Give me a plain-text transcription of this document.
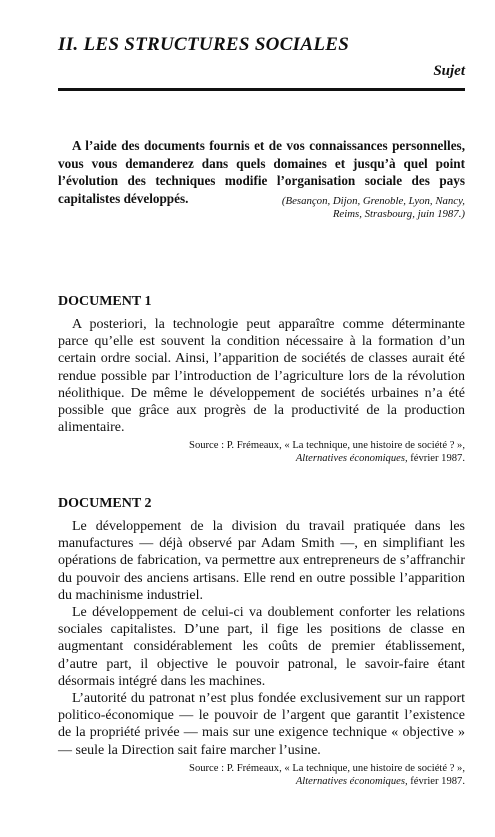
II. LES STRUCTURES SOCIALES
Sujet

A l’aide des documents fournis et de vos connaissances personnelles, vous vous demanderez dans quels domaines et jusqu’à quel point l’évolution des techniques modifie l’organisation sociale des pays capitalistes développés.	(Besançon, Dijon, Grenoble, Lyon, Nancy,
Reims, Strasbourg, juin 1987.)
DOCUMENT 1

A posteriori, la technologie peut apparaître comme déterminante parce qu’elle est souvent la condition nécessaire à la formation d’un certain ordre social. Ainsi, l’apparition de sociétés de classes aurait été rendue possible par l’introduction de l’agriculture lors de la révolution néolithique. De même le développement de sociétés urbaines n’a été possible que grâce aux progrès de la productivité de la production alimentaire.

Source : P. Frémeaux, « La technique, une histoire de société ? »,
Alternatives économiques, février 1987.
DOCUMENT 2

Le développement de la division du travail pratiquée dans les manufactures — déjà observé par Adam Smith —, en simplifiant les opérations de fabrication, va permettre aux entrepreneurs de s’affranchir du pouvoir des anciens artisans. Elle rend en outre possible l’apparition du machinisme industriel.

Le développement de celui-ci va doublement conforter les relations sociales capitalistes. D’une part, il fige les positions de classe en augmentant considérablement les coûts de premier établissement, d’autre part, il objective le pouvoir patronal, le savoir-faire étant désormais intégré dans les machines.

L’autorité du patronat n’est plus fondée exclusivement sur un rapport politico-économique — le pouvoir de l’argent que garantit l’existence de la propriété privée — mais sur une exigence technique « objective » — seule la Direction sait faire marcher l’usine.

Source : P. Frémeaux, « La technique, une histoire de société ? »,
Alternatives économiques, février 1987.
